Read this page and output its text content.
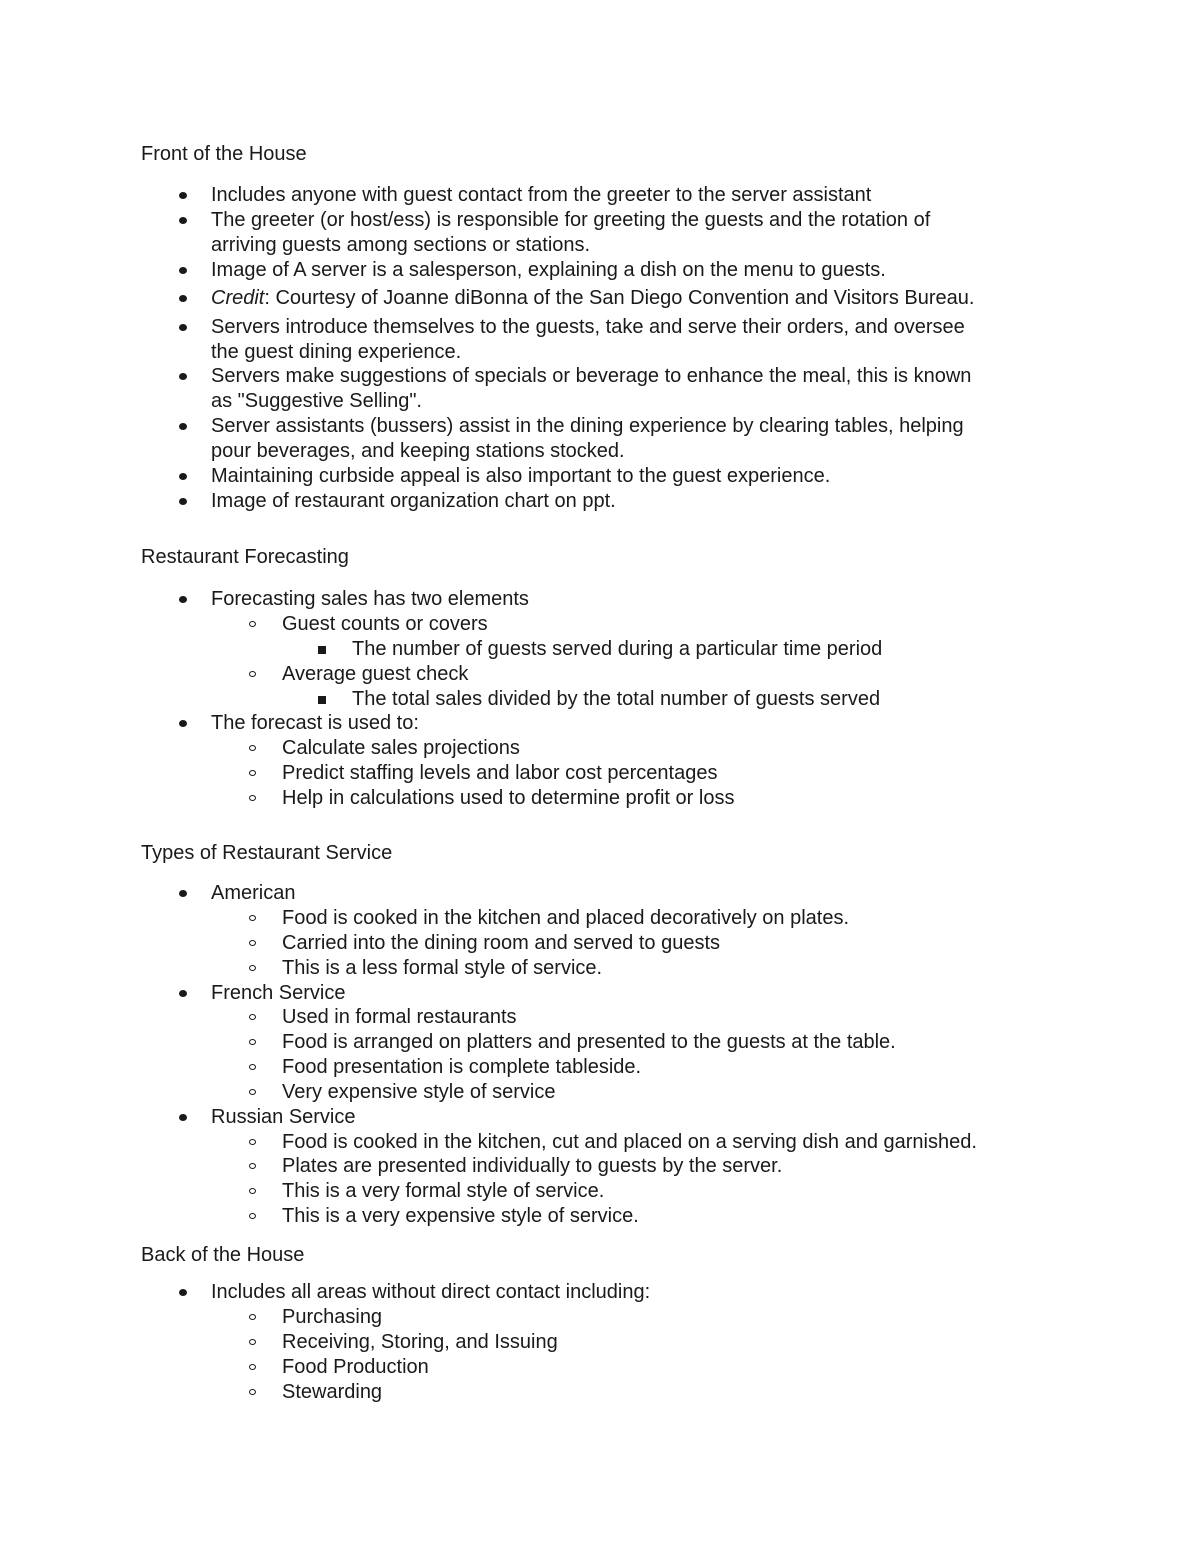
Front of the House

Includes anyone with guest contact from the greeter to the server assistant

The greeter (or host/ess) is responsible for greeting the guests and the rotation of

arriving guests among sections or stations.

Image of A server is a salesperson, explaining a dish on the menu to guests.

Credit: Courtesy of Joanne diBonna of the San Diego Convention and Visitors Bureau.

Servers introduce themselves to the guests, take and serve their orders, and oversee

the guest dining experience.

Servers make suggestions of specials or beverage to enhance the meal, this is known

as "Suggestive Selling".

Server assistants (bussers) assist in the dining experience by clearing tables, helping

pour beverages, and keeping stations stocked.

Maintaining curbside appeal is also important to the guest experience.

Image of restaurant organization chart on ppt.

Restaurant Forecasting

Forecasting sales has two elements

Guest counts or covers

The number of guests served during a particular time period

Average guest check

The total sales divided by the total number of guests served

The forecast is used to:

Calculate sales projections

Predict staffing levels and labor cost percentages

Help in calculations used to determine profit or loss

Types of Restaurant Service

American

Food is cooked in the kitchen and placed decoratively on plates.

Carried into the dining room and served to guests

This is a less formal style of service.

French Service

Used in formal restaurants

Food is arranged on platters and presented to the guests at the table.

Food presentation is complete tableside.

Very expensive style of service

Russian Service

Food is cooked in the kitchen, cut and placed on a serving dish and garnished.

Plates are presented individually to guests by the server.

This is a very formal style of service.

This is a very expensive style of service.

Back of the House

Includes all areas without direct contact including:

Purchasing

Receiving, Storing, and Issuing

Food Production

Stewarding
